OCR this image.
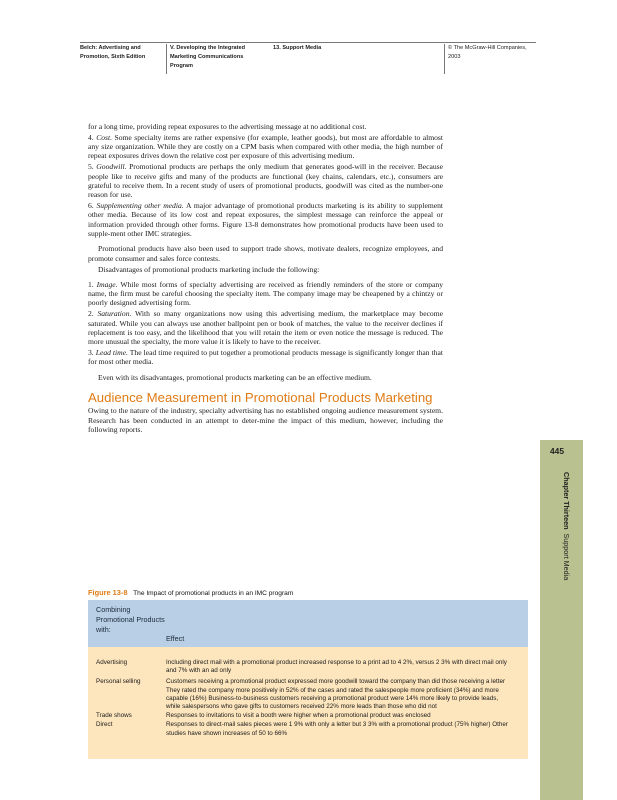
Belch: Advertising and Promotion, Sixth Edition
V. Developing the Integrated Marketing Communications Program
13. Support Media	© The McGraw-Hill Companies, 2003

for a long time, providing repeat exposures to the advertising message at no additional cost.

4. Cost. Some specialty items are rather expensive (for example, leather goods), but most are affordable to almost any size organization. While they are costly on a CPM basis when compared with other media, the high number of repeat exposures drives down the relative cost per exposure of this advertising medium.

5. Goodwill. Promotional products are perhaps the only medium that generates good-will in the receiver. Because people like to receive gifts and many of the products are functional (key chains, calendars, etc.), consumers are grateful to receive them. In a recent study of users of promotional products, goodwill was cited as the number-one reason for use.

6. Supplementing other media. A major advantage of promotional products marketing is its ability to supplement other media. Because of its low cost and repeat exposures, the simplest message can reinforce the appeal or information provided through other forms. Figure 13-8 demonstrates how promotional products have been used to supple-ment other IMC strategies.

Promotional products have also been used to support trade shows, motivate dealers, recognize employees, and promote consumer and sales force contests.

Disadvantages of promotional products marketing include the following:

1. Image. While most forms of specialty advertising are received as friendly reminders of the store or company name, the firm must be careful choosing the specialty item. The company image may be cheapened by a chintzy or poorly designed advertising form.

2. Saturation. With so many organizations now using this advertising medium, the marketplace may become saturated. While you can always use another ballpoint pen or book of matches, the value to the receiver declines if replacement is too easy, and the likelihood that you will retain the item or even notice the message is reduced. The more unusual the specialty, the more value it is likely to have to the receiver.

3. Lead time. The lead time required to put together a promotional products message is significantly longer than that for most other media.

Even with its disadvantages, promotional products marketing can be an effective medium.

Audience Measurement in Promotional Products Marketing

Owing to the nature of the industry, specialty advertising has no established ongoing audience measurement system. Research has been conducted in an attempt to deter-mine the impact of this medium, however, including the following reports.

Figure 13-8 The Impact of promotional products in an IMC program
Combining Promotional Products with:
Effect
Advertising	Including direct mail with a promotional product increased response to a print ad to 4 2%, versus 2 3% with direct mail only and 7% with an ad only
Personal selling	Customers receiving a promotional product expressed more goodwill toward the company than did those receiving a letter They rated the company more positively in 52% of the cases and rated the salespeople more proficient (34%) and more capable (16%) Business-to-business customers receiving a promotional product were 14% more likely to provide leads, while salespersons who gave gifts to customers received 22% more leads than those who did not
Trade shows	Responses to invitations to visit a booth were higher when a promotional product was enclosed
Direct	Responses to direct-mail sales pieces were 1 9% with only a letter but 3 3% with a promotional product (75% higher) Other studies have shown increases of 50 to 66%
445
Chapter Thirteen  Support Media
